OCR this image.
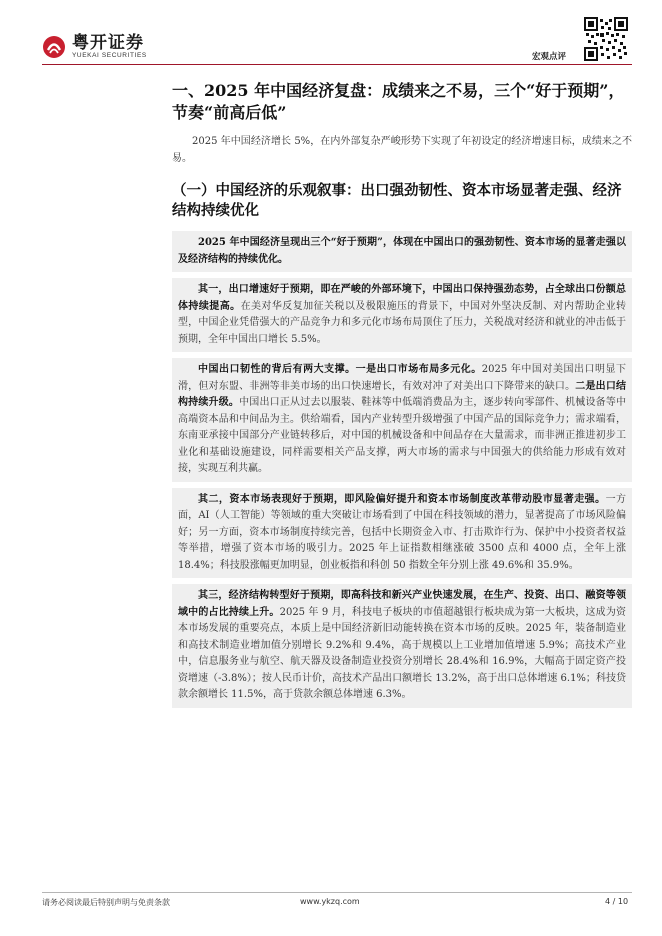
粤开证券
YUEKAI SECURITIES	宏观点评
一、2025 年中国经济复盘：成绩来之不易，三个“好于预期”，节奏“前高后低”
2025 年中国经济增长 5%，在内外部复杂严峻形势下实现了年初设定的经济增速目标，成绩来之不易。
（一）中国经济的乐观叙事：出口强劲韧性、资本市场显著走强、经济结构持续优化
2025 年中国经济呈现出三个“好于预期”，体现在中国出口的强劲韧性、资本市场的显著走强以及经济结构的持续优化。
其一，出口增速好于预期，即在严峻的外部环境下，中国出口保持强劲态势，占全球出口份额总体持续提高。在美对华反复加征关税以及极限施压的背景下，中国对外坚决反制、对内帮助企业转型，中国企业凭借强大的产品竞争力和多元化市场布局顶住了压力，关税战对经济和就业的冲击低于预期，全年中国出口增长 5.5%。
中国出口韧性的背后有两大支撑。一是出口市场布局多元化。2025 年中国对美国出口明显下滑，但对东盟、非洲等非美市场的出口快速增长，有效对冲了对美出口下降带来的缺口。二是出口结构持续升级。中国出口正从过去以服装、鞋袜等中低端消费品为主，逐步转向零部件、机械设备等中高端资本品和中间品为主。供给端看，国内产业转型升级增强了中国产品的国际竞争力；需求端看，东南亚承接中国部分产业链转移后，对中国的机械设备和中间品存在大量需求，而非洲正推进初步工业化和基础设施建设，同样需要相关产品支撑，两大市场的需求与中国强大的供给能力形成有效对接，实现互利共赢。
其二，资本市场表现好于预期，即风险偏好提升和资本市场制度改革带动股市显著走强。一方面，AI（人工智能）等领域的重大突破让市场看到了中国在科技领域的潜力，显著提高了市场风险偏好；另一方面，资本市场制度持续完善，包括中长期资金入市、打击欺诈行为、保护中小投资者权益等举措，增强了资本市场的吸引力。2025 年上证指数相继涨破 3500 点和 4000 点，全年上涨 18.4%；科技股涨幅更加明显，创业板指和科创 50 指数全年分别上涨 49.6%和 35.9%。
其三，经济结构转型好于预期，即高科技和新兴产业快速发展，在生产、投资、出口、融资等领域中的占比持续上升。2025 年 9 月，科技电子板块的市值超越银行板块成为第一大板块，这成为资本市场发展的重要亮点，本质上是中国经济新旧动能转换在资本市场的反映。2025 年，装备制造业和高技术制造业增加值分别增长 9.2%和 9.4%，高于规模以上工业增加值增速 5.9%；高技术产业中，信息服务业与航空、航天器及设备制造业投资分别增长 28.4%和 16.9%，大幅高于固定资产投资增速（-3.8%）；按人民币计价，高技术产品出口额增长 13.2%，高于出口总体增速 6.1%；科技贷款余额增长 11.5%，高于贷款余额总体增速 6.3%。
请务必阅读最后特别声明与免责条款	www.ykzq.com	4 / 10
